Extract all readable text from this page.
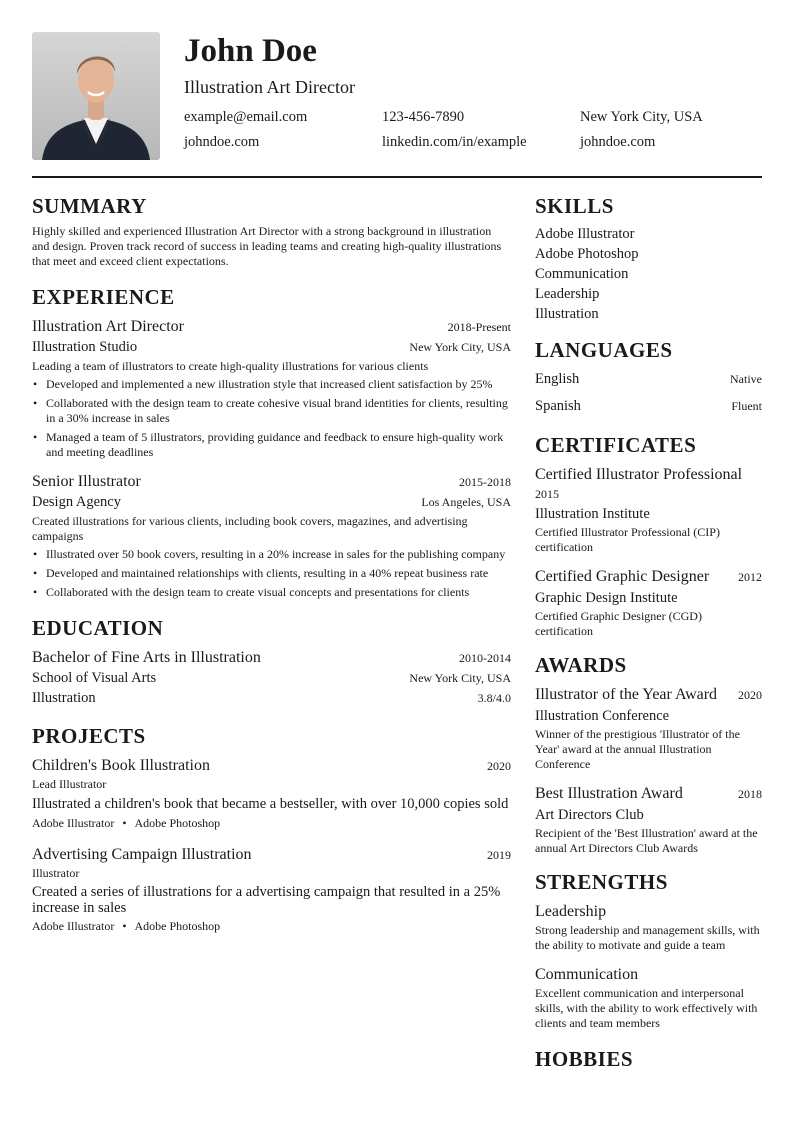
John Doe
Illustration Art Director
example@email.com	123-456-7890	New York City, USA
johndoe.com	linkedin.com/in/example	johndoe.com
SUMMARY
Highly skilled and experienced Illustration Art Director with a strong background in illustration and design. Proven track record of success in leading teams and creating high-quality illustrations that meet and exceed client expectations.
EXPERIENCE
Illustration Art Director	2018-Present
Illustration Studio	New York City, USA
Leading a team of illustrators to create high-quality illustrations for various clients
• Developed and implemented a new illustration style that increased client satisfaction by 25%
• Collaborated with the design team to create cohesive visual brand identities for clients, resulting in a 30% increase in sales
• Managed a team of 5 illustrators, providing guidance and feedback to ensure high-quality work and meeting deadlines
Senior Illustrator	2015-2018
Design Agency	Los Angeles, USA
Created illustrations for various clients, including book covers, magazines, and advertising campaigns
• Illustrated over 50 book covers, resulting in a 20% increase in sales for the publishing company
• Developed and maintained relationships with clients, resulting in a 40% repeat business rate
• Collaborated with the design team to create visual concepts and presentations for clients
EDUCATION
Bachelor of Fine Arts in Illustration	2010-2014
School of Visual Arts	New York City, USA
Illustration	3.8/4.0
PROJECTS
Children's Book Illustration	2020
Lead Illustrator
Illustrated a children's book that became a bestseller, with over 10,000 copies sold
Adobe Illustrator • Adobe Photoshop
Advertising Campaign Illustration	2019
Illustrator
Created a series of illustrations for a advertising campaign that resulted in a 25% increase in sales
Adobe Illustrator • Adobe Photoshop
SKILLS
Adobe Illustrator
Adobe Photoshop
Communication
Leadership
Illustration
LANGUAGES
English	Native
Spanish	Fluent
CERTIFICATES
Certified Illustrator Professional
2015
Illustration Institute
Certified Illustrator Professional (CIP) certification
Certified Graphic Designer 2012
Graphic Design Institute
Certified Graphic Designer (CGD) certification
AWARDS
Illustrator of the Year Award 2020
Illustration Conference
Winner of the prestigious 'Illustrator of the Year' award at the annual Illustration Conference
Best Illustration Award	2018
Art Directors Club
Recipient of the 'Best Illustration' award at the annual Art Directors Club Awards
STRENGTHS
Leadership
Strong leadership and management skills, with the ability to motivate and guide a team
Communication
Excellent communication and interpersonal skills, with the ability to work effectively with clients and team members
HOBBIES
